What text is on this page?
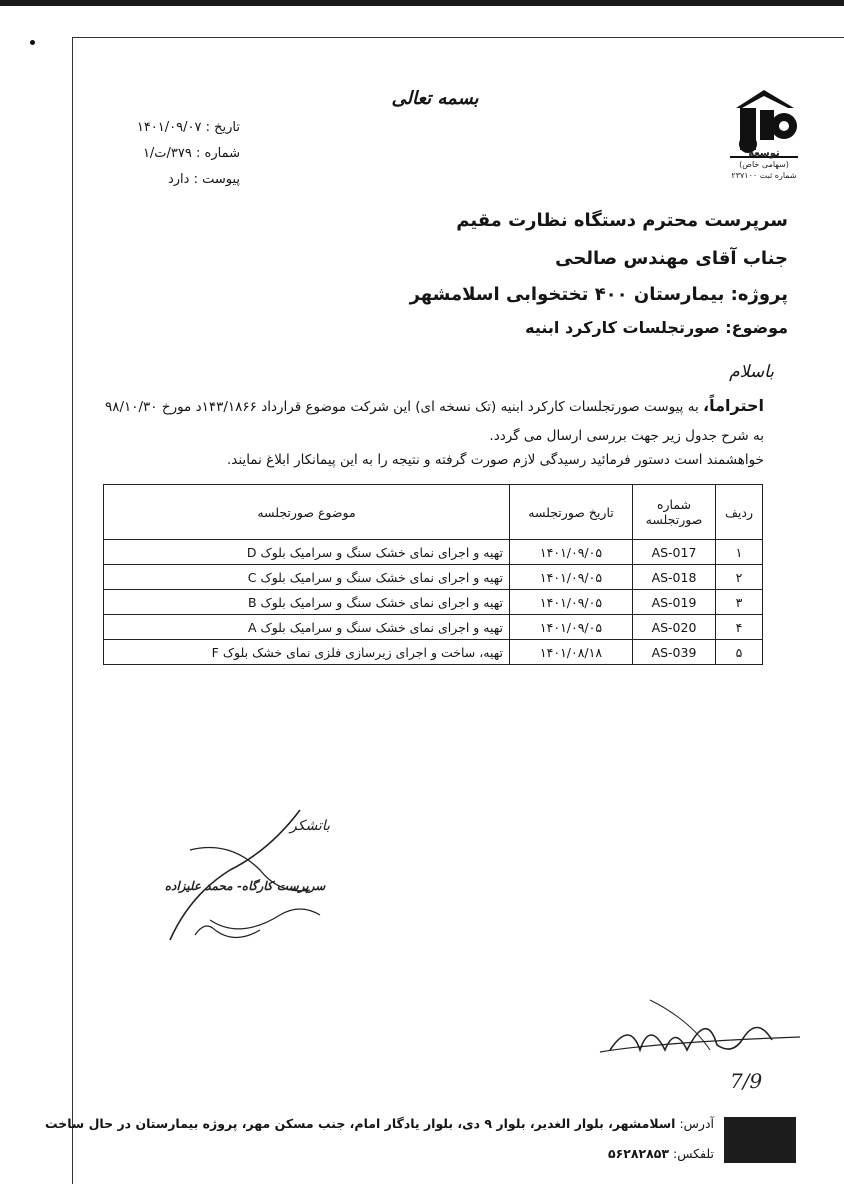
توسعه
(سهامی خاص)
شماره ثبت ۲۳۷۱۰۰
بسمه تعالی
تاریخ : ۱۴۰۱/۰۹/۰۷
شماره : ۳۷۹/ت/۱
پیوست : دارد
سرپرست محترم دستگاه نظارت مقیم
جناب آقای مهندس صالحی
پروژه: بیمارستان ۴۰۰ تختخوابی اسلامشهر
موضوع: صورتجلسات کارکرد ابنیه
باسلام
احتراماً، به پیوست صورتجلسات کارکرد ابنیه (تک نسخه ای) این شرکت موضوع قرارداد ۱۴۳/۱۸۶۶د مورخ ۹۸/۱۰/۳۰
به شرح جدول زیر جهت بررسی ارسال می گردد.
خواهشمند است دستور فرمائید رسیدگی لازم صورت گرفته و نتیجه را به این پیمانکار ابلاغ نمایند.
ردیف	شماره صورتجلسه	تاریخ صورتجلسه	موضوع صورتجلسه
۱	AS-017	۱۴۰۱/۰۹/۰۵	تهیه و اجرای نمای خشک سنگ و سرامیک بلوک D
۲	AS-018	۱۴۰۱/۰۹/۰۵	تهیه و اجرای نمای خشک سنگ و سرامیک بلوک C
۳	AS-019	۱۴۰۱/۰۹/۰۵	تهیه و اجرای نمای خشک سنگ و سرامیک بلوک B
۴	AS-020	۱۴۰۱/۰۹/۰۵	تهیه و اجرای نمای خشک سنگ و سرامیک بلوک A
۵	AS-039	۱۴۰۱/۰۸/۱۸	تهیه، ساخت و اجرای زیرسازی فلزی نمای خشک بلوک F
باتشکر
سرپرست کارگاه- محمد علیزاده
7/9
آدرس: اسلامشهر، بلوار الغدیر، بلوار ۹ دی، بلوار یادگار امام، جنب مسکن مهر، پروژه بیمارستان در حال ساخت
تلفکس: ۵۶۲۸۲۸۵۳
